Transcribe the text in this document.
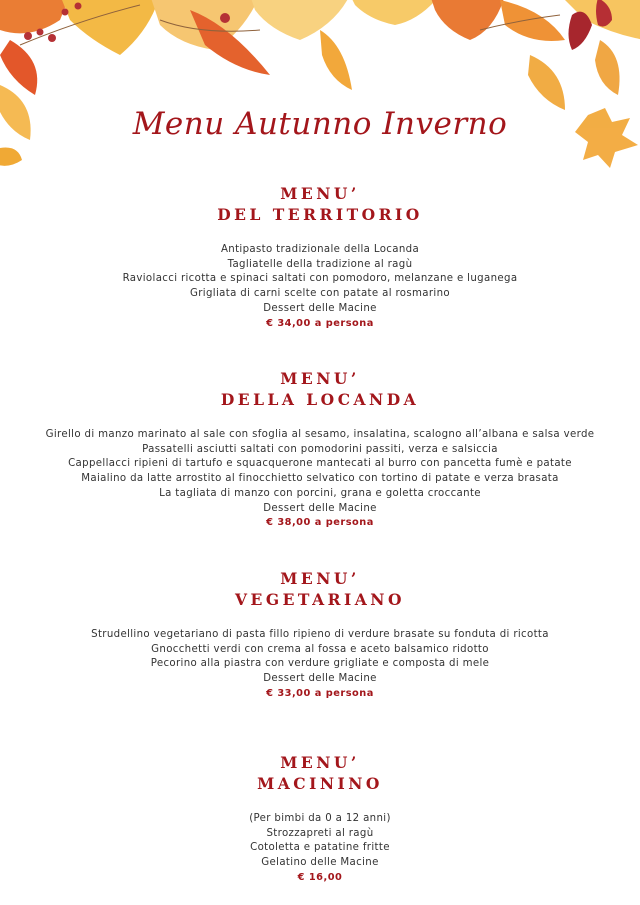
Menu Autunno Inverno
MENU’
DEL TERRITORIO
Antipasto tradizionale della Locanda
Tagliatelle della tradizione al ragù
Raviolacci ricotta e spinaci saltati con pomodoro, melanzane e luganega
Grigliata di carni scelte con patate al rosmarino
Dessert delle Macine
€ 34,00 a persona
MENU’
DELLA LOCANDA
Girello di manzo marinato al sale con sfoglia al sesamo, insalatina, scalogno all’albana e salsa verde
Passatelli asciutti saltati con pomodorini passiti, verza e salsiccia
Cappellacci ripieni di tartufo e squacquerone mantecati al burro con pancetta fumè e patate
Maialino da latte arrostito al finocchietto selvatico con tortino di patate e verza brasata
La tagliata di manzo con porcini, grana e goletta croccante
Dessert delle Macine
€ 38,00 a persona
MENU’
VEGETARIANO
Strudellino vegetariano di pasta fillo ripieno di verdure brasate su fonduta di ricotta
Gnocchetti verdi con crema al fossa e aceto balsamico ridotto
Pecorino alla piastra con verdure grigliate e composta di mele
Dessert delle Macine
€ 33,00 a persona
MENU’
MACININO
(Per bimbi da 0 a 12 anni)
Strozzapreti al ragù
Cotoletta e patatine fritte
Gelatino delle Macine
€ 16,00
